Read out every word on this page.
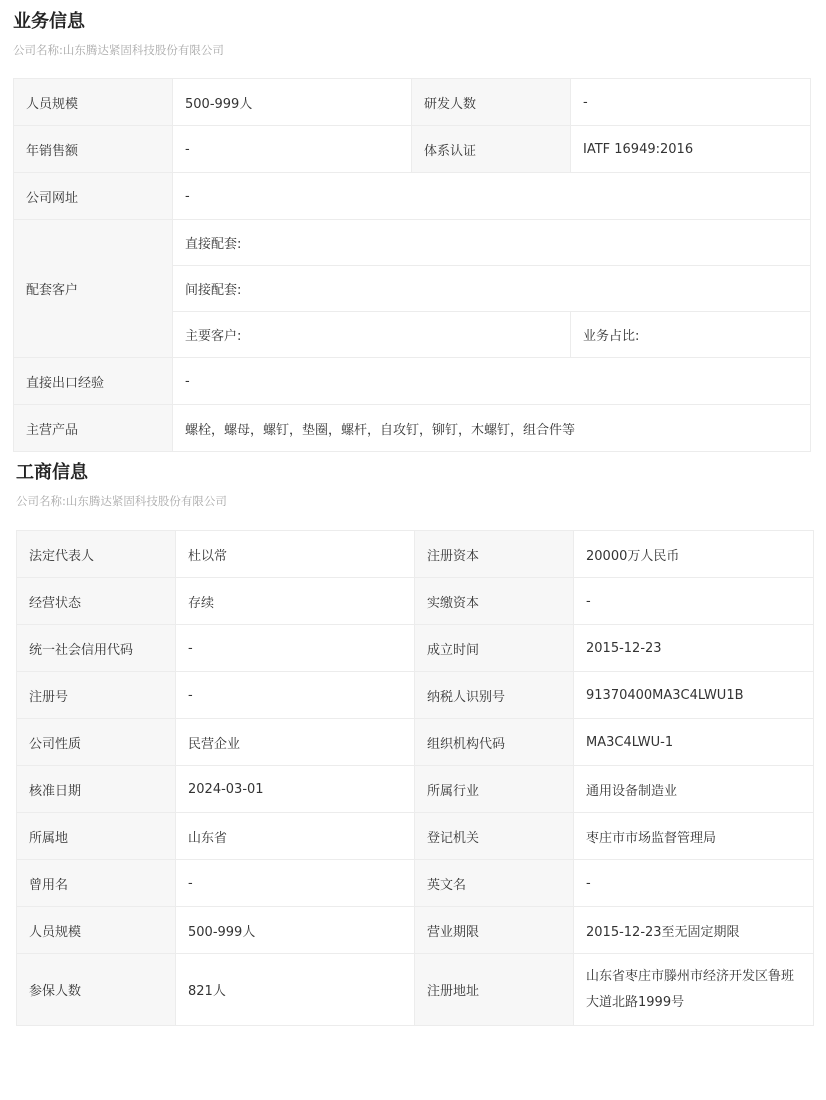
业务信息
公司名称:山东腾达紧固科技股份有限公司
人员规模	500-999人	研发人数	-
年销售额	-	体系认证	IATF 16949:2016
公司网址	-		
配套客户	直接配套:		
	间接配套:		
	主要客户:		业务占比:
直接出口经验	-		
主营产品	螺栓，螺母，螺钉，垫圈，螺杆，自攻钉，铆钉，木螺钉，组合件等		
工商信息
公司名称:山东腾达紧固科技股份有限公司
法定代表人	杜以常	注册资本	20000万人民币
经营状态	存续	实缴资本	-
统一社会信用代码	-	成立时间	2015-12-23
注册号	-	纳税人识别号	91370400MA3C4LWU1B
公司性质	民营企业	组织机构代码	MA3C4LWU-1
核准日期	2024-03-01	所属行业	通用设备制造业
所属地	山东省	登记机关	枣庄市市场监督管理局
曾用名	-	英文名	-
人员规模	500-999人	营业期限	2015-12-23至无固定期限
参保人数	821人	注册地址	山东省枣庄市滕州市经济开发区鲁班大道北路1999号
